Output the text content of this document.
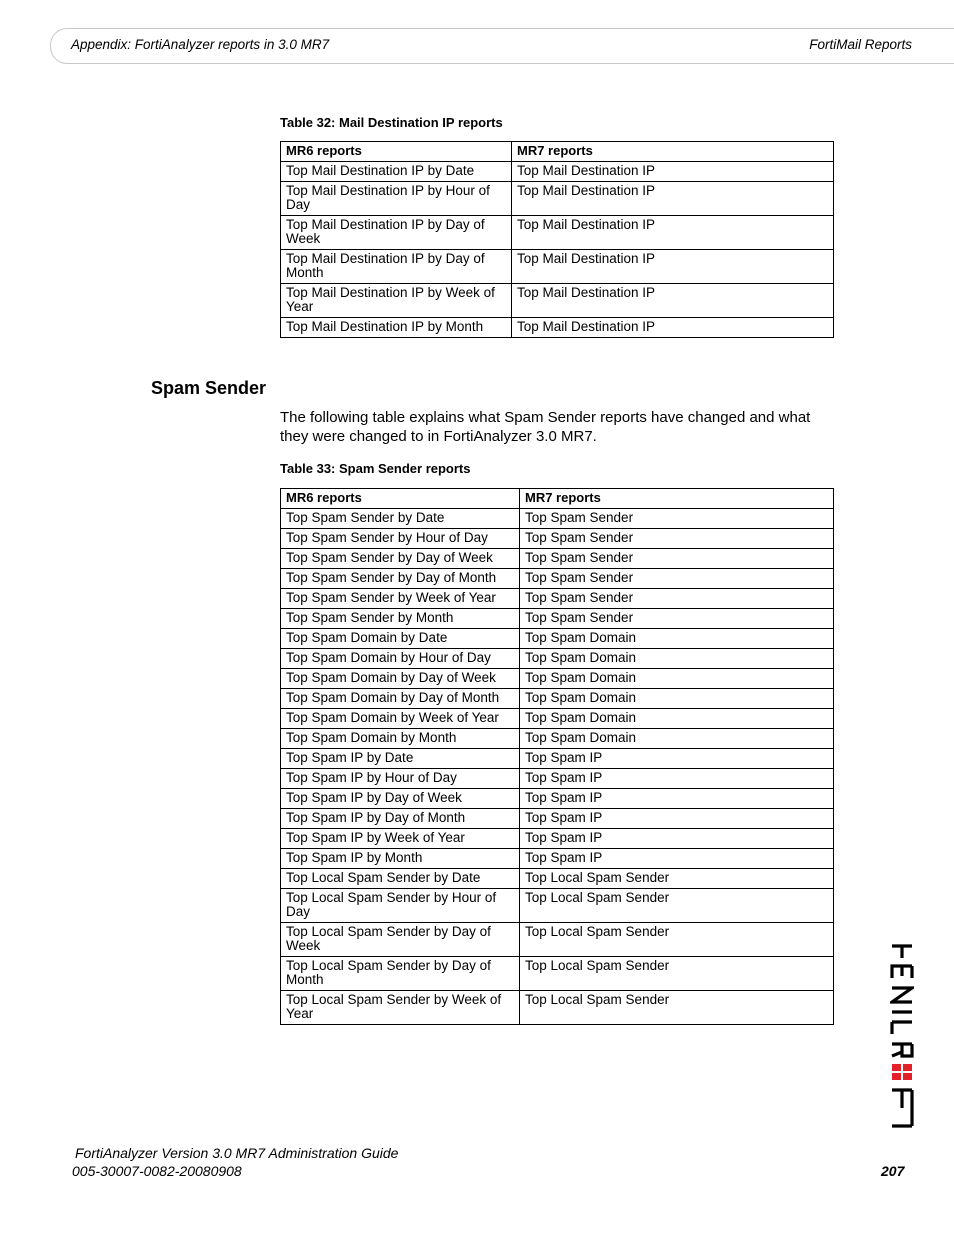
Appendix: FortiAnalyzer reports in 3.0 MR7	FortiMail Reports
Table 32: Mail Destination IP reports
MR6 reports	MR7 reports
Top Mail Destination IP by Date	Top Mail Destination IP
Top Mail Destination IP by Hour of Day	Top Mail Destination IP
Top Mail Destination IP by Day of Week	Top Mail Destination IP
Top Mail Destination IP by Day of Month	Top Mail Destination IP
Top Mail Destination IP by Week of Year	Top Mail Destination IP
Top Mail Destination IP by Month	Top Mail Destination IP
Spam Sender
The following table explains what Spam Sender reports have changed and what they were changed to in FortiAnalyzer 3.0 MR7.
Table 33: Spam Sender reports
MR6 reports	MR7 reports
Top Spam Sender by Date	Top Spam Sender
Top Spam Sender by Hour of Day	Top Spam Sender
Top Spam Sender by Day of Week	Top Spam Sender
Top Spam Sender by Day of Month	Top Spam Sender
Top Spam Sender by Week of Year	Top Spam Sender
Top Spam Sender by Month	Top Spam Sender
Top Spam Domain by Date	Top Spam Domain
Top Spam Domain by Hour of Day	Top Spam Domain
Top Spam Domain by Day of Week	Top Spam Domain
Top Spam Domain by Day of Month	Top Spam Domain
Top Spam Domain by Week of Year	Top Spam Domain
Top Spam Domain by Month	Top Spam Domain
Top Spam IP by Date	Top Spam IP
Top Spam IP by Hour of Day	Top Spam IP
Top Spam IP by Day of Week	Top Spam IP
Top Spam IP by Day of Month	Top Spam IP
Top Spam IP by Week of Year	Top Spam IP
Top Spam IP by Month	Top Spam IP
Top Local Spam Sender by Date	Top Local Spam Sender
Top Local Spam Sender by Hour of Day	Top Local Spam Sender
Top Local Spam Sender by Day of Week	Top Local Spam Sender
Top Local Spam Sender by Day of Month	Top Local Spam Sender
Top Local Spam Sender by Week of Year	Top Local Spam Sender
FortiAnalyzer Version 3.0 MR7 Administration Guide
005-30007-0082-20080908	207
